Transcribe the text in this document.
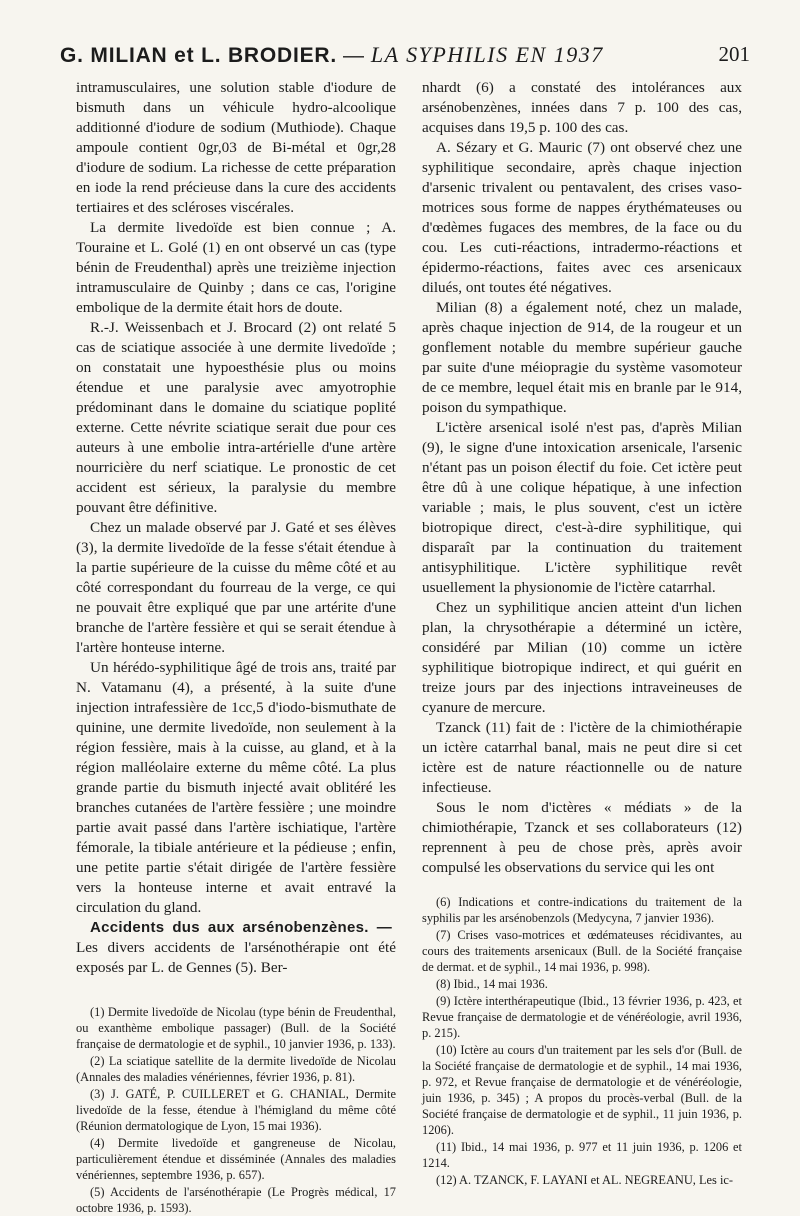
G. MILIAN et L. BRODIER. — LA SYPHILIS EN 1937	201

intramusculaires, une solution stable d'iodure de bismuth dans un véhicule hydro-alcoolique additionné d'iodure de sodium (Muthiode). Chaque ampoule contient 0gr,03 de Bi-métal et 0gr,28 d'iodure de sodium. La richesse de cette préparation en iode la rend précieuse dans la cure des accidents tertiaires et des scléroses viscérales.

La dermite livedoïde est bien connue ; A. Touraine et L. Golé (1) en ont observé un cas (type bénin de Freudenthal) après une treizième injection intramusculaire de Quinby ; dans ce cas, l'origine embolique de la dermite était hors de doute.

R.-J. Weissenbach et J. Brocard (2) ont relaté 5 cas de sciatique associée à une dermite livedoïde ; on constatait une hypoesthésie plus ou moins étendue et une paralysie avec amyotrophie prédominant dans le domaine du sciatique poplité externe. Cette névrite sciatique serait due pour ces auteurs à une embolie intra-artérielle d'une artère nourricière du nerf sciatique. Le pronostic de cet accident est sérieux, la paralysie du membre pouvant être définitive.

Chez un malade observé par J. Gaté et ses élèves (3), la dermite livedoïde de la fesse s'était étendue à la partie supérieure de la cuisse du même côté et au côté correspondant du fourreau de la verge, ce qui ne pouvait être expliqué que par une artérite d'une branche de l'artère fessière et qui se serait étendue à l'artère honteuse interne.

Un hérédo-syphilitique âgé de trois ans, traité par N. Vatamanu (4), a présenté, à la suite d'une injection intrafessière de 1cc,5 d'iodo-bismuthate de quinine, une dermite livedoïde, non seulement à la région fessière, mais à la cuisse, au gland, et à la région malléolaire externe du même côté. La plus grande partie du bismuth injecté avait oblitéré les branches cutanées de l'artère fessière ; une moindre partie avait passé dans l'artère ischiatique, l'artère fémorale, la tibiale antérieure et la pédieuse ; enfin, une petite partie s'était dirigée de l'artère fessière vers la honteuse interne et avait entravé la circulation du gland.

Accidents dus aux arsénobenzènes. —Les divers accidents de l'arsénothérapie ont été exposés par L. de Gennes (5). Ber-

(1) Dermite livedoïde de Nicolau (type bénin de Freudenthal, ou exanthème embolique passager) (Bull. de la Société française de dermatologie et de syphil., 10 janvier 1936, p. 133).

(2) La sciatique satellite de la dermite livedoïde de Nicolau (Annales des maladies vénériennes, février 1936, p. 81).

(3) J. GATÉ, P. CUILLERET et G. CHANIAL, Dermite livedoïde de la fesse, étendue à l'hémigland du même côté (Réunion dermatologique de Lyon, 15 mai 1936).

(4) Dermite livedoïde et gangreneuse de Nicolau, particulièrement étendue et disséminée (Annales des maladies vénériennes, septembre 1936, p. 657).

(5) Accidents de l'arsénothérapie (Le Progrès médical, 17 octobre 1936, p. 1593).

nhardt (6) a constaté des intolérances aux arsénobenzènes, innées dans 7 p. 100 des cas, acquises dans 19,5 p. 100 des cas.

A. Sézary et G. Mauric (7) ont observé chez une syphilitique secondaire, après chaque injection d'arsenic trivalent ou pentavalent, des crises vaso-motrices sous forme de nappes érythémateuses ou d'œdèmes fugaces des membres, de la face ou du cou. Les cuti-réactions, intradermo-réactions et épidermo-réactions, faites avec ces arsenicaux dilués, ont toutes été négatives.

Milian (8) a également noté, chez un malade, après chaque injection de 914, de la rougeur et un gonflement notable du membre supérieur gauche par suite d'une méiopragie du système vasomoteur de ce membre, lequel était mis en branle par le 914, poison du sympathique.

L'ictère arsenical isolé n'est pas, d'après Milian (9), le signe d'une intoxication arsenicale, l'arsenic n'étant pas un poison électif du foie. Cet ictère peut être dû à une colique hépatique, à une infection variable ; mais, le plus souvent, c'est un ictère biotropique direct, c'est-à-dire syphilitique, qui disparaît par la continuation du traitement antisyphilitique. L'ictère syphilitique revêt usuellement la physionomie de l'ictère catarrhal.

Chez un syphilitique ancien atteint d'un lichen plan, la chrysothérapie a déterminé un ictère, considéré par Milian (10) comme un ictère syphilitique biotropique indirect, et qui guérit en treize jours par des injections intraveineuses de cyanure de mercure.

Tzanck (11) fait de : l'ictère de la chimiothérapie un ictère catarrhal banal, mais ne peut dire si cet ictère est de nature réactionnelle ou de nature infectieuse.

Sous le nom d'ictères « médiats » de la chimiothérapie, Tzanck et ses collaborateurs (12) reprennent à peu de chose près, après avoir compulsé les observations du service qui les ont

(6) Indications et contre-indications du traitement de la syphilis par les arsénobenzols (Medycyna, 7 janvier 1936).

(7) Crises vaso-motrices et œdémateuses récidivantes, au cours des traitements arsenicaux (Bull. de la Société française de dermat. et de syphil., 14 mai 1936, p. 998).

(8) Ibid., 14 mai 1936.

(9) Ictère interthérapeutique (Ibid., 13 février 1936, p. 423, et Revue française de dermatologie et de vénéréologie, avril 1936, p. 215).

(10) Ictère au cours d'un traitement par les sels d'or (Bull. de la Société française de dermatologie et de syphil., 14 mai 1936, p. 972, et Revue française de dermatologie et de vénéréologie, juin 1936, p. 345) ; A propos du procès-verbal (Bull. de la Société française de dermatologie et de syphil., 11 juin 1936, p. 1206).

(11) Ibid., 14 mai 1936, p. 977 et 11 juin 1936, p. 1206 et 1214.

(12) A. TZANCK, F. LAYANI et AL. NEGREANU, Les ic-
